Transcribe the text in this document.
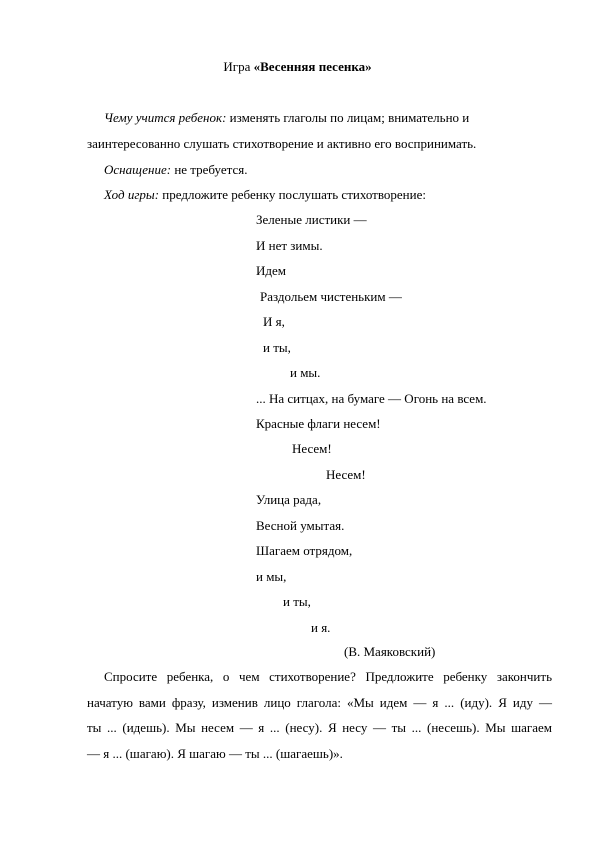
Игра «Весенняя песенка»
Чему учится ребенок: изменять глаголы по лицам; внимательно и
заинтересованно слушать стихотворение и активно его воспринимать.
Оснащение: не требуется.
Ход игры: предложите ребенку послушать стихотворение:
Зеленые листики —
И нет зимы.
Идем
Раздольем чистеньким —
И я,
и ты,
и мы.
... На ситцах, на бумаге — Огонь на всем.
Красные флаги несем!
Несем!
Несем!
Улица рада,
Весной умытая.
Шагаем отрядом,
и мы,
и ты,
и я.
(В. Маяковский)
Спросите ребенка, о чем стихотворение? Предложите ребенку закончить
начатую вами фразу, изменив лицо глагола: «Мы идем — я ... (иду). Я иду —
ты ... (идешь). Мы несем — я ... (несу). Я несу — ты ... (несешь). Мы шагаем
— я ... (шагаю). Я шагаю — ты ... (шагаешь)».
